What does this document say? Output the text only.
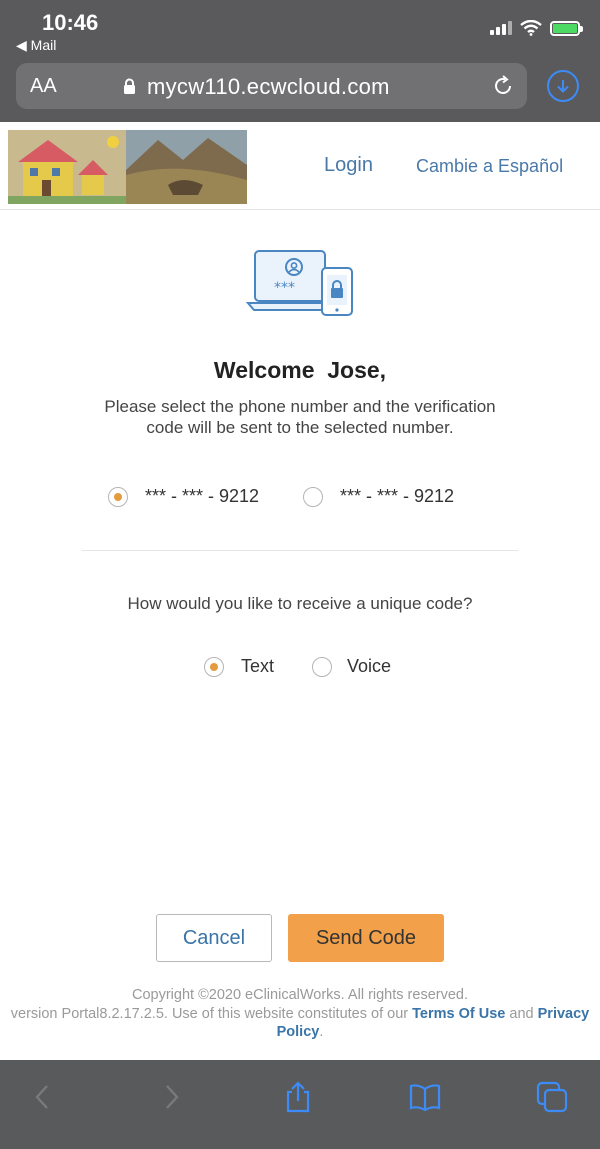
10:46
◀ Mail
AA	mycw110.ecwcloud.com
Login Cambie a Español
***
Welcome  Jose,
Please select the phone number and the verification code will be sent to the selected number.
*** - *** - 9212	*** - *** - 9212
How would you like to receive a unique code?
Text	Voice
Cancel	Send Code
Copyright ©2020 eClinicalWorks. All rights reserved.
version Portal8.2.17.2.5. Use of this website constitutes of our Terms Of Use and Privacy Policy.
